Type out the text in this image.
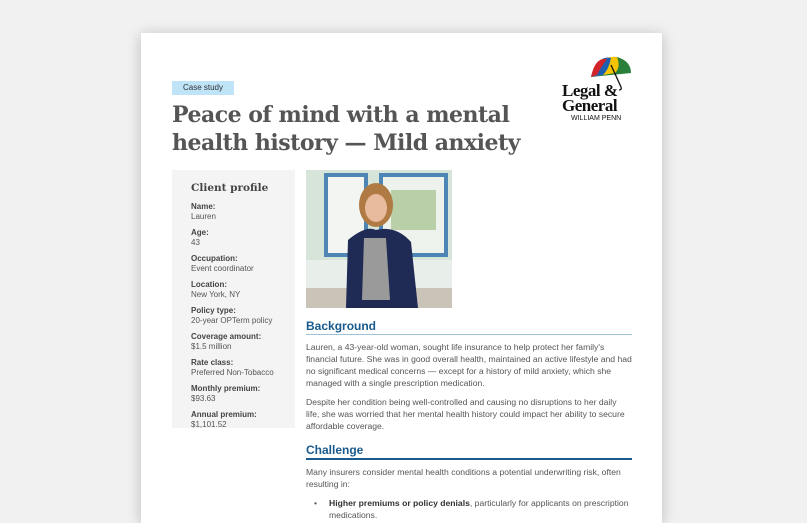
Case study
Peace of mind with a mental health history — Mild anxiety
Legal &
General
WILLIAM PENN
Client profile
Name:
Lauren
Age:
43
Occupation:
Event coordinator
Location:
New York, NY
Policy type:
20-year OPTerm policy
Coverage amount:
$1.5 million
Rate class:
Preferred Non-Tobacco
Monthly premium:
$93.63
Annual premium:
$1,101.52
Background

Lauren, a 43-year-old woman, sought life insurance to help protect her family's financial future. She was in good overall health, maintained an active lifestyle and had no significant medical concerns — except for a history of mild anxiety, which she managed with a single prescription medication.

Despite her condition being well-controlled and causing no disruptions to her daily life, she was worried that her mental health history could impact her ability to secure affordable coverage.

Challenge

Many insurers consider mental health conditions a potential underwriting risk, often resulting in:

• Higher premiums or policy denials, particularly for applicants on prescription medications.
